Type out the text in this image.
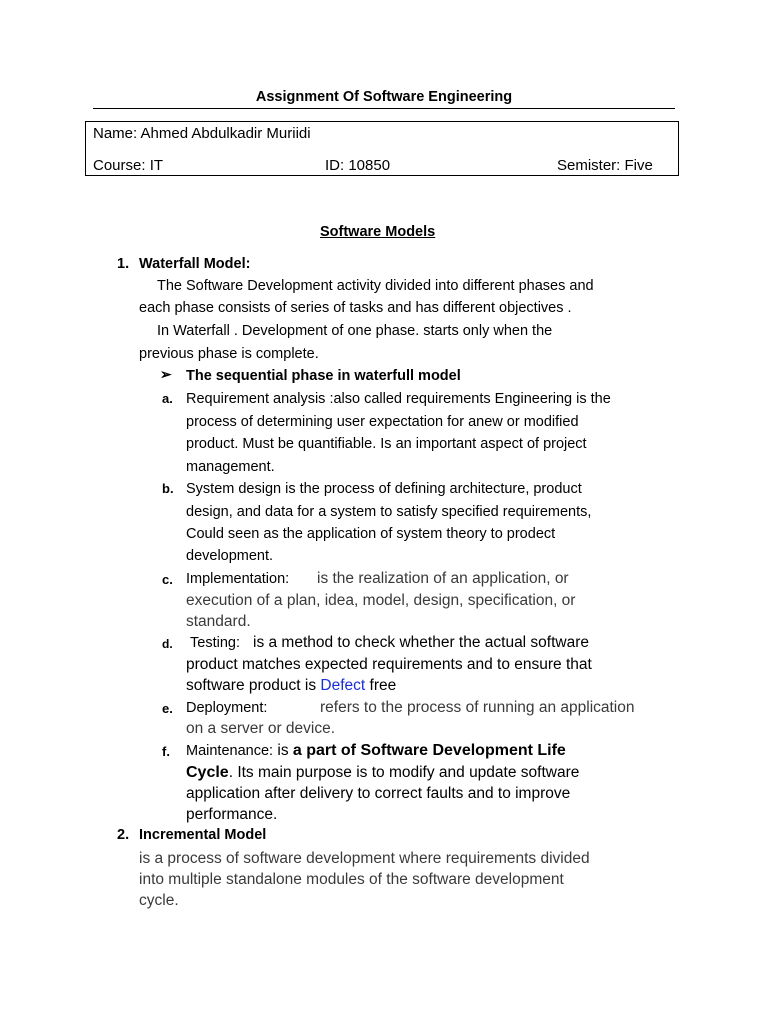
Assignment Of Software Engineering
Name: Ahmed Abdulkadir Muriidi
Course: IT	ID: 10850	Semister: Five
Software Models
1. Waterfall Model:
The Software Development activity divided into different phases and
each phase consists of series of tasks and has different objectives .
In Waterfall . Development of one phase. starts only when the
previous phase is complete.
➢ The sequential phase in waterfull model
a. Requirement analysis :also called requirements Engineering is the
process of determining user expectation for anew or modified
product. Must be quantifiable. Is an important aspect of project
management.
b. System design is the process of defining architecture, product
design, and data for a system to satisfy specified requirements,
Could seen as the application of system theory to prodect
development.
c. Implementation: is the realization of an application, or
execution of a plan, idea, model, design, specification, or
standard.
d. Testing: is a method to check whether the actual software
product matches expected requirements and to ensure that
software product is Defect free
e. Deployment:	refers to the process of running an application
on a server or device.
f. Maintenance: is a part of Software Development Life
Cycle. Its main purpose is to modify and update software
application after delivery to correct faults and to improve
performance.
2. Incremental Model
is a process of software development where requirements divided
into multiple standalone modules of the software development
cycle.
